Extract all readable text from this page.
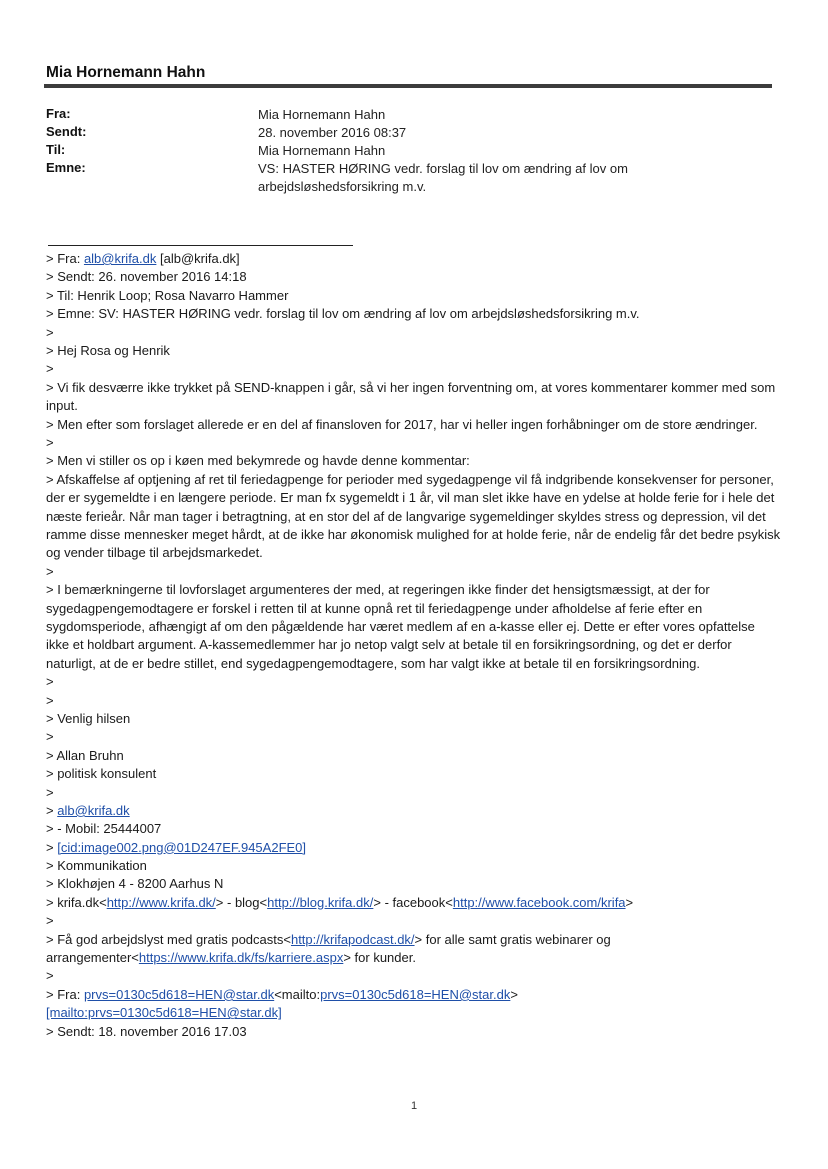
Mia Hornemann Hahn
Fra:	Mia Hornemann Hahn
Sendt:	28. november 2016 08:37
Til:	Mia Hornemann Hahn
Emne:	VS: HASTER HØRING vedr. forslag til lov om ændring af lov om arbejdsløshedsforsikring m.v.
> Fra: alb@krifa.dk [alb@krifa.dk]
> Sendt: 26. november 2016 14:18
> Til: Henrik Loop; Rosa Navarro Hammer
> Emne: SV: HASTER HØRING vedr. forslag til lov om ændring af lov om arbejdsløshedsforsikring m.v.
>
> Hej Rosa og Henrik
>
> Vi fik desværre ikke trykket på SEND-knappen i går, så vi her ingen forventning om, at vores kommentarer kommer med som input.
> Men efter som forslaget allerede er en del af finansloven for 2017, har vi heller ingen forhåbninger om de store ændringer.
>
> Men vi stiller os op i køen med bekymrede og havde denne kommentar:
> Afskaffelse af optjening af ret til feriedagpenge for perioder med sygedagpenge vil få indgribende konsekvenser for personer, der er sygemeldte i en længere periode. Er man fx sygemeldt i 1 år, vil man slet ikke have en ydelse at holde ferie for i hele det næste ferieår. Når man tager i betragtning, at en stor del af de langvarige sygemeldinger skyldes stress og depression, vil det ramme disse mennesker meget hårdt, at de ikke har økonomisk mulighed for at holde ferie, når de endelig får det bedre psykisk og vender tilbage til arbejdsmarkedet.
>
> I bemærkningerne til lovforslaget argumenteres der med, at regeringen ikke finder det hensigtsmæssigt, at der for sygedagpengemodtagere er forskel i retten til at kunne opnå ret til feriedagpenge under afholdelse af ferie efter en sygdomsperiode, afhængigt af om den pågældende har været medlem af en a-kasse eller ej. Dette er efter vores opfattelse ikke et holdbart argument. A-kassemedlemmer har jo netop valgt selv at betale til en forsikringsordning, og det er derfor naturligt, at de er bedre stillet, end sygedagpengemodtagere, som har valgt ikke at betale til en forsikringsordning.
>
>
> Venlig hilsen
>
> Allan Bruhn
> politisk konsulent
>
> alb@krifa.dk
> - Mobil: 25444007
> [cid:image002.png@01D247EF.945A2FE0]
> Kommunikation
> Klokhøjen 4 - 8200 Aarhus N
> krifa.dk<http://www.krifa.dk/> - blog<http://blog.krifa.dk/> - facebook<http://www.facebook.com/krifa>
>
> Få god arbejdslyst med gratis podcasts<http://krifapodcast.dk/> for alle samt gratis webinarer og arrangementer<https://www.krifa.dk/fs/karriere.aspx> for kunder.
>
> Fra: prvs=0130c5d618=HEN@star.dk<mailto:prvs=0130c5d618=HEN@star.dk>
[mailto:prvs=0130c5d618=HEN@star.dk]
> Sendt: 18. november 2016 17.03
1
